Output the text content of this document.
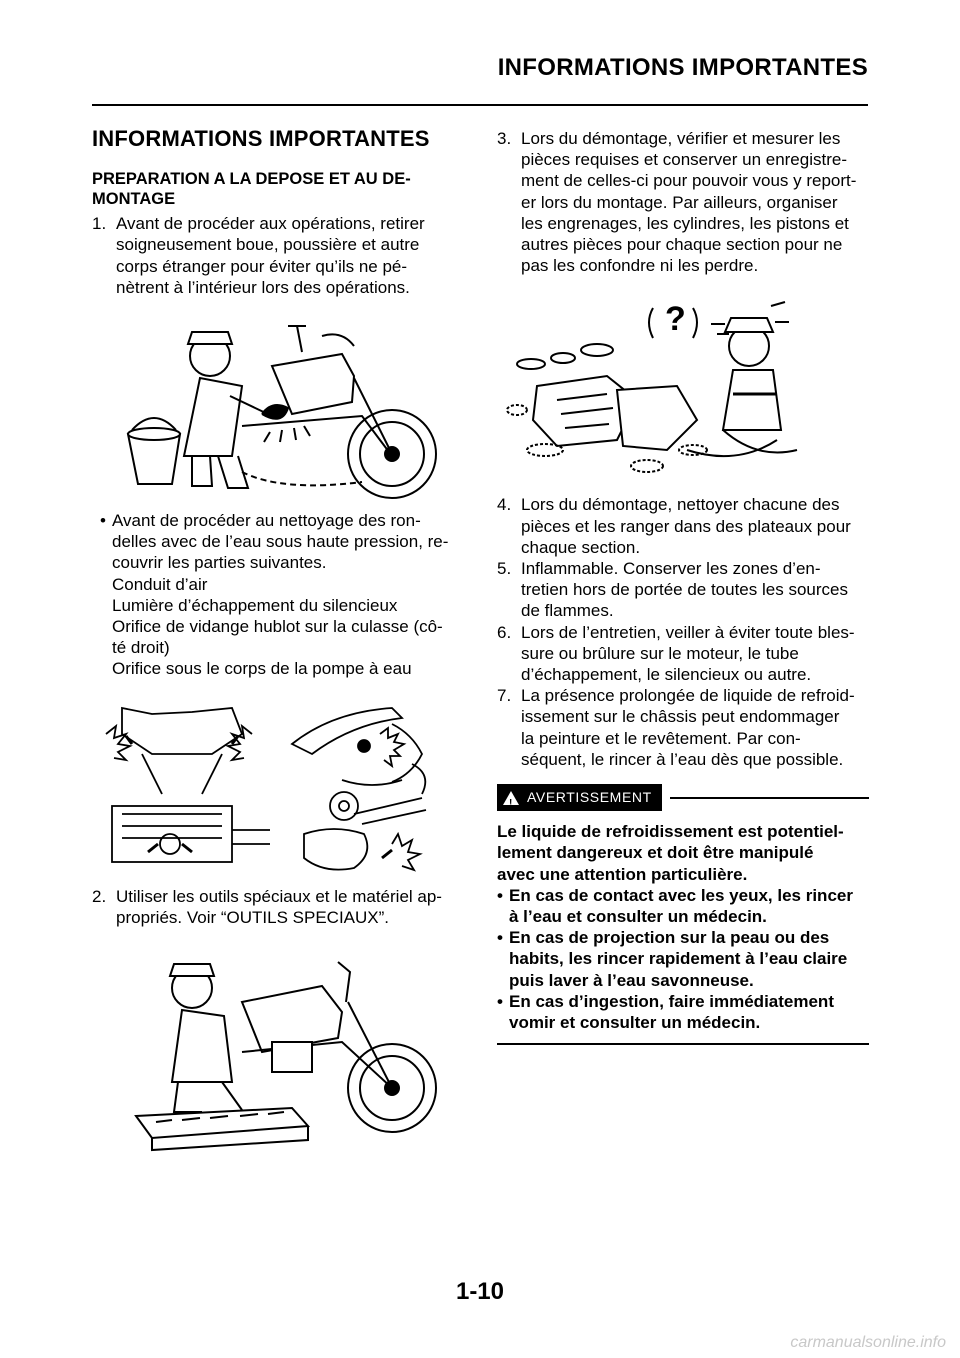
INFORMATIONS IMPORTANTES
INFORMATIONS IMPORTANTES
PREPARATION A LA DEPOSE ET AU DE-
MONTAGE
1. Avant de procéder aux opérations, retirer
soigneusement boue, poussière et autre
corps étranger pour éviter qu’ils ne pé-
nètrent à l’intérieur lors des opérations.
• Avant de procéder au nettoyage des ron-
delles avec de l’eau sous haute pression, re-
couvrir les parties suivantes.
Conduit d’air
Lumière d’échappement du silencieux
Orifice de vidange hublot sur la culasse (cô-
té droit)
Orifice sous le corps de la pompe à eau
2. Utiliser les outils spéciaux et le matériel ap-
propriés. Voir “OUTILS SPECIAUX”.
3. Lors du démontage, vérifier et mesurer les
pièces requises et conserver un enregistre-
ment de celles-ci pour pouvoir vous y report-
er lors du montage. Par ailleurs, organiser
les engrenages, les cylindres, les pistons et
autres pièces pour chaque section pour ne
pas les confondre ni les perdre.
?
4. Lors du démontage, nettoyer chacune des
pièces et les ranger dans des plateaux pour
chaque section.
5. Inflammable. Conserver les zones d’en-
tretien hors de portée de toutes les sources
de flammes.
6. Lors de l’entretien, veiller à éviter toute bles-
sure ou brûlure sur le moteur, le tube
d’échappement, le silencieux ou autre.
7. La présence prolongée de liquide de refroid-
issement sur le châssis peut endommager
la peinture et le revêtement. Par con-
séquent, le rincer à l’eau dès que possible.
! AVERTISSEMENT
Le liquide de refroidissement est potentiel-
lement dangereux et doit être manipulé
avec une attention particulière.
• En cas de contact avec les yeux, les rincer
à l’eau et consulter un médecin.
• En cas de projection sur la peau ou des
habits, les rincer rapidement à l’eau claire
puis laver à l’eau savonneuse.
• En cas d’ingestion, faire immédiatement
vomir et consulter un médecin.
1-10
carmanualsonline.info
